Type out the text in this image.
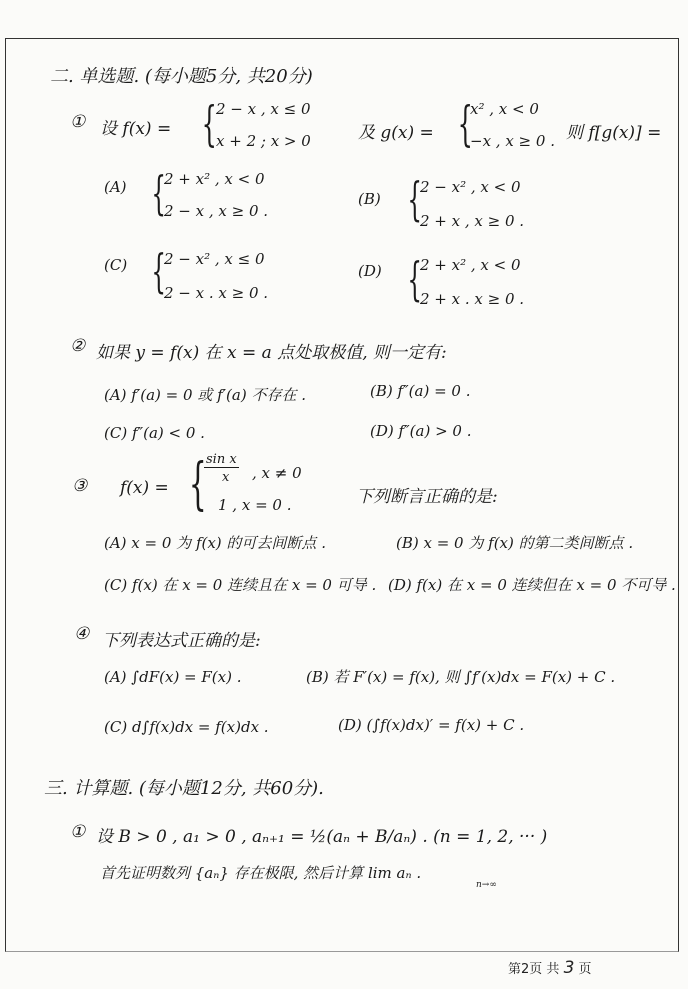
二. 单选题. (每小题5分, 共20分)
① 设 f(x) = { 2 − x , x ≤ 0
x + 2 ; x > 0	及 g(x) = {
x² , x < 0
−x , x ≥ 0 . 则 f[g(x)] =
(A) {
2 + x² , x < 0
2 − x , x ≥ 0 .
(B) {
2 − x² , x < 0
2 + x , x ≥ 0 .
(C) {
2 − x² , x ≤ 0
2 − x . x ≥ 0 .
(D) {
2 + x² , x < 0
2 + x . x ≥ 0 .
② 如果 y = f(x) 在 x = a 点处取极值, 则一定有:
(A) f′(a) = 0 或 f′(a) 不存在 .	(B) f″(a) = 0 .
(C) f″(a) < 0 .	(D) f″(a) > 0 .
③ f(x) = { sin x
x , x ≠ 0
1 , x = 0 .	下列断言正确的是:
(A) x = 0 为 f(x) 的可去间断点 .	(B) x = 0 为 f(x) 的第二类间断点 .
(C) f(x) 在 x = 0 连续且在 x = 0 可导 . (D) f(x) 在 x = 0 连续但在 x = 0 不可导 .
④ 下列表达式正确的是:
(A) ∫dF(x) = F(x) .	(B) 若 F′(x) = f(x), 则 ∫f′(x)dx = F(x) + C .
(C) d∫f(x)dx = f(x)dx .	(D) (∫f(x)dx)′ = f(x) + C .
三. 计算题. (每小题12分, 共60分).
① 设 B > 0 , a₁ > 0 , aₙ₊₁ = ½(aₙ + B/aₙ) . (n = 1, 2, ··· )
首先证明数列 {aₙ} 存在极限, 然后计算 lim aₙ .
n→∞
第2页 共 3 页
